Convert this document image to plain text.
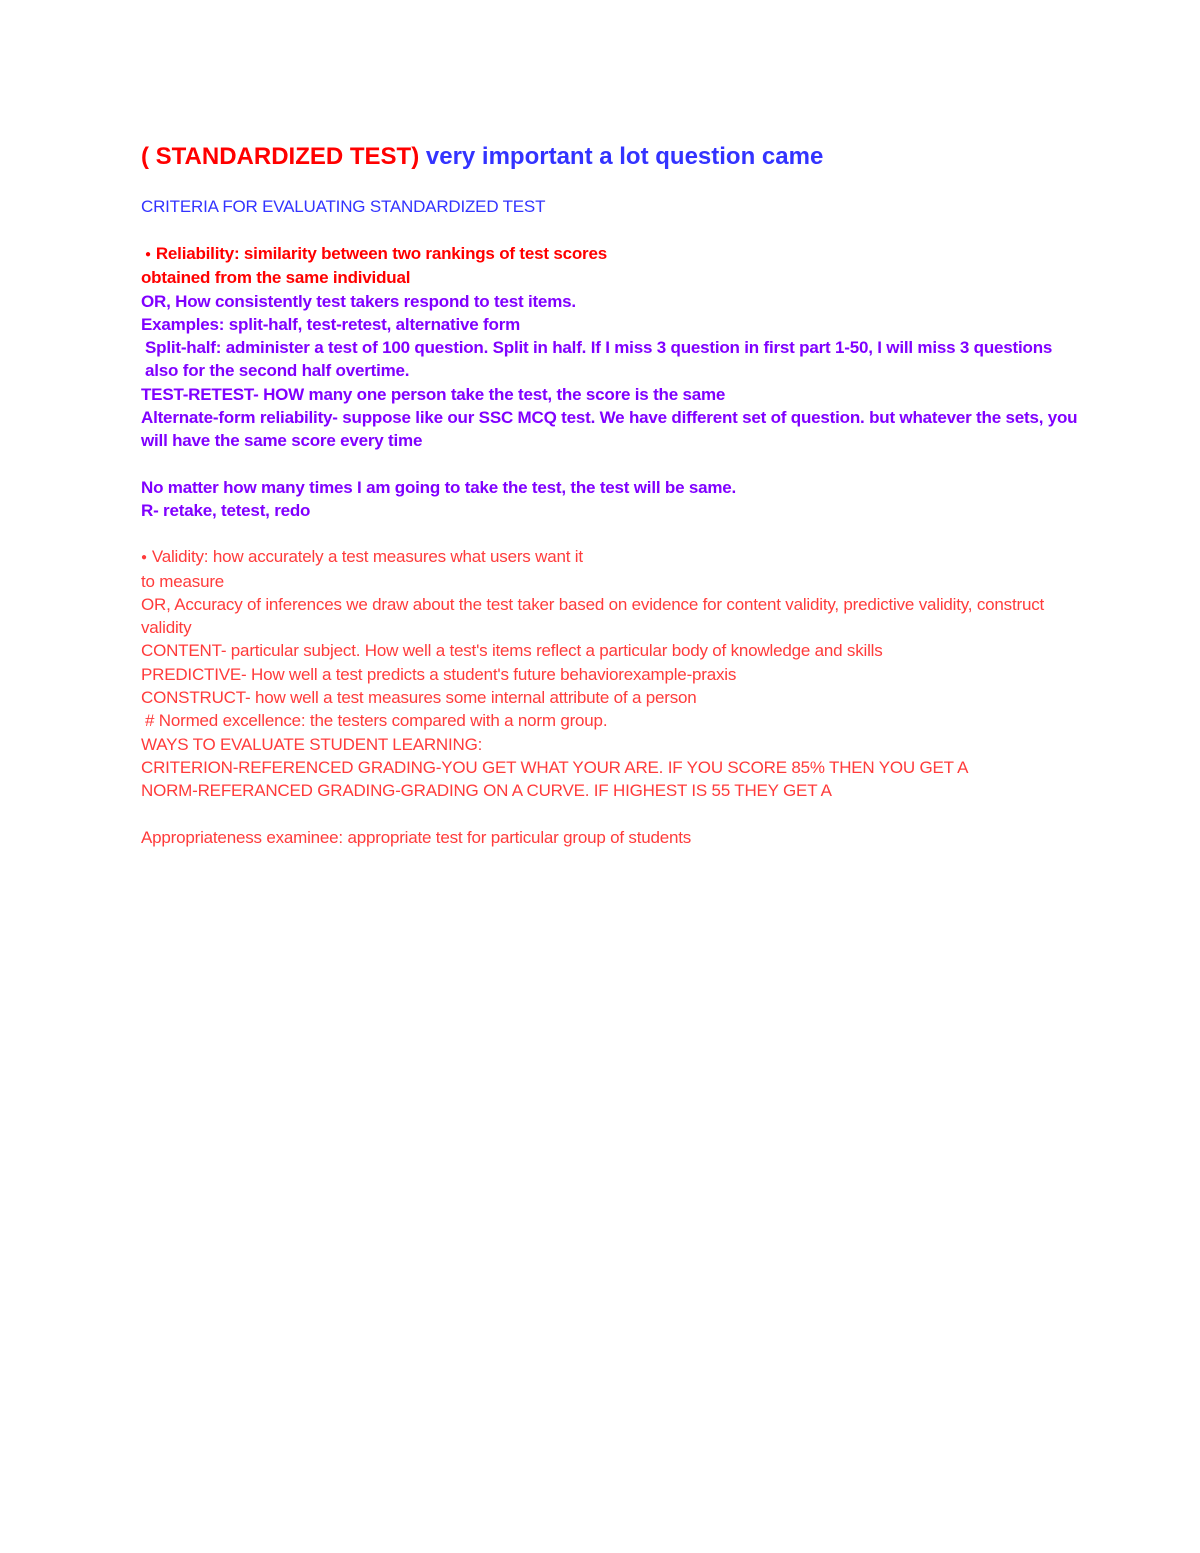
( STANDARDIZED TEST) very important a lot question came
CRITERIA FOR EVALUATING STANDARDIZED TEST
● Reliability: similarity between two rankings of test scores
obtained from the same individual
OR, How consistently test takers respond to test items.
Examples: split-half, test-retest, alternative form
Split-half: administer a test of 100 question. Split in half. If I miss 3 question in first part 1-50, I will miss 3 questions also for the second half overtime.
TEST-RETEST- HOW many one person take the test, the score is the same
Alternate-form reliability- suppose like our SSC MCQ test. We have different set of question. but whatever the sets, you will have the same score every time
No matter how many times I am going to take the test, the test will be same.
R- retake, tetest, redo
● Validity: how accurately a test measures what users want it
to measure
OR, Accuracy of inferences we draw about the test taker based on evidence for content validity, predictive validity, construct validity
CONTENT- particular subject. How well a test's items reflect a particular body of knowledge and skills
PREDICTIVE- How well a test predicts a student's future behaviorexample-praxis
CONSTRUCT- how well a test measures some internal attribute of a person
# Normed excellence: the testers compared with a norm group.
WAYS TO EVALUATE STUDENT LEARNING:
CRITERION-REFERENCED GRADING-YOU GET WHAT YOUR ARE. IF YOU SCORE 85% THEN YOU GET A
NORM-REFERANCED GRADING-GRADING ON A CURVE. IF HIGHEST IS 55 THEY GET A
Appropriateness examinee: appropriate test for particular group of students
